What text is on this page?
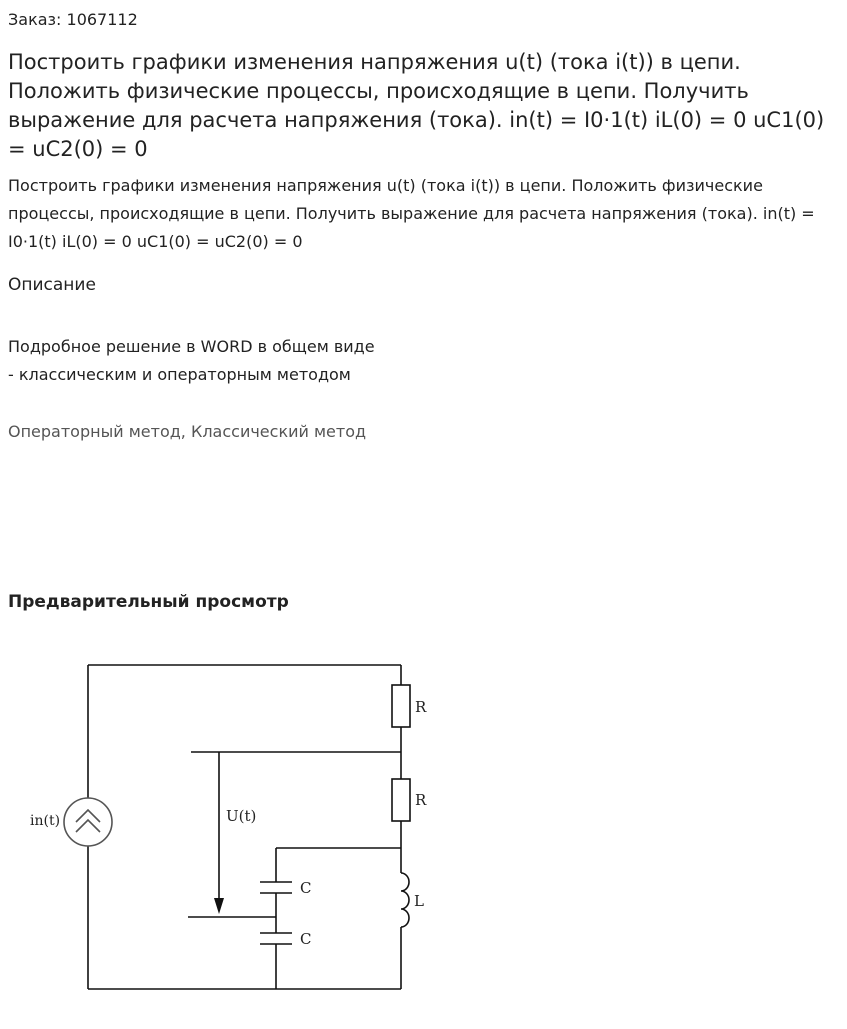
Заказ: 1067112
Построить графики изменения напряжения u(t) (тока i(t)) в цепи. Положить физические процессы, происходящие в цепи. Получить выражение для расчета напряжения (тока). in(t) = I0·1(t) iL(0) = 0 uC1(0) = uC2(0) = 0
Построить графики изменения напряжения u(t) (тока i(t)) в цепи. Положить физические процессы, происходящие в цепи. Получить выражение для расчета напряжения (тока). in(t) = I0·1(t) iL(0) = 0 uC1(0) = uC2(0) = 0
Описание
Подробное решение в WORD в общем виде
- классическим и операторным методом
Операторный метод, Классический метод
Предварительный просмотр
in(t)	U(t)
R
R
L
C
C
